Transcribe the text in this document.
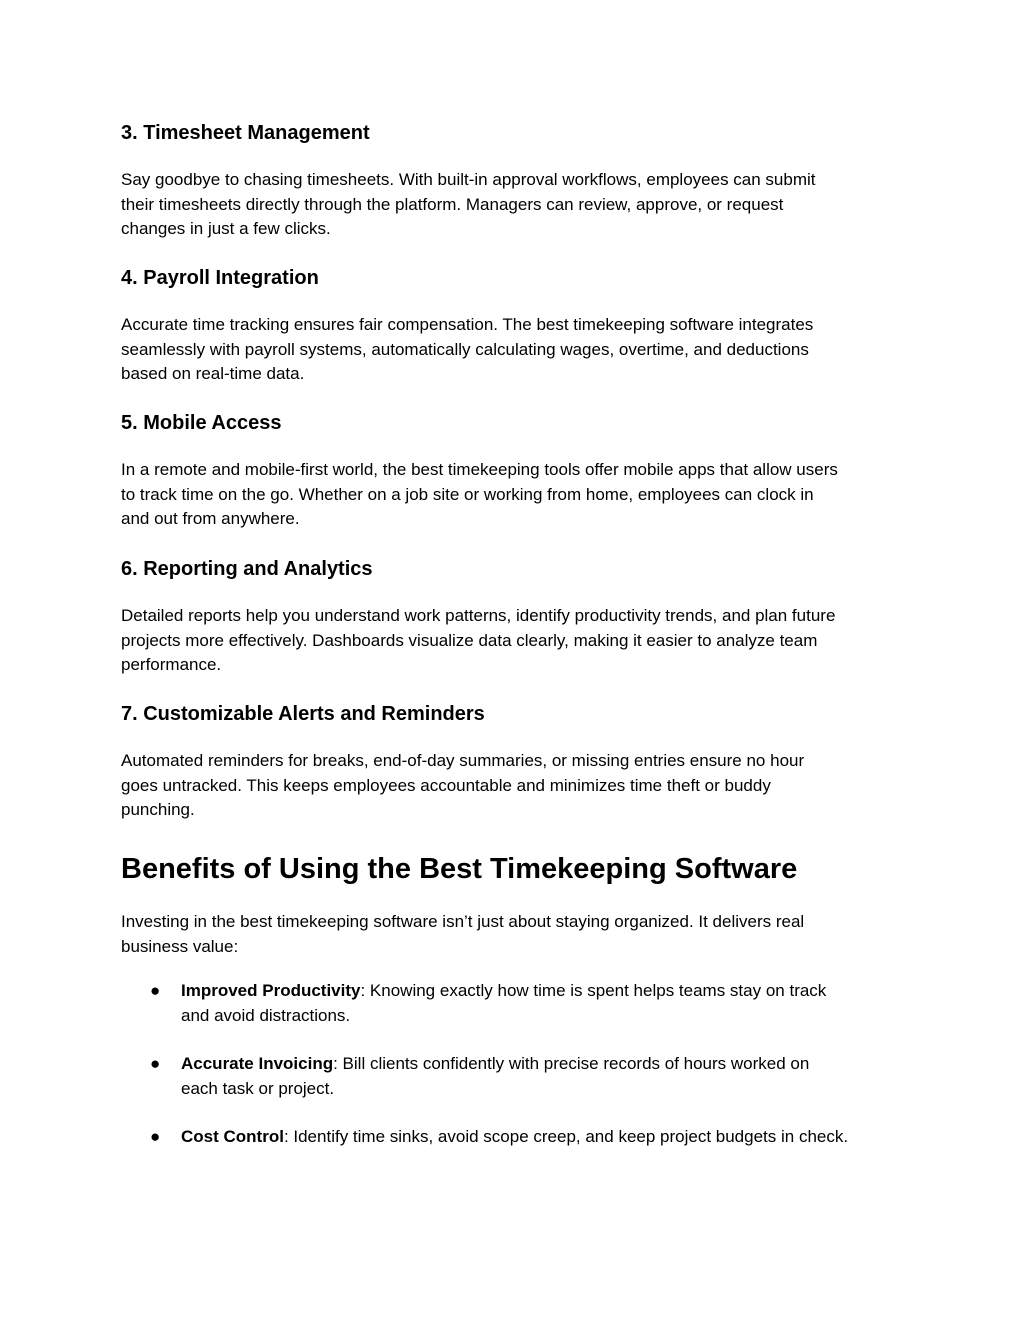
3. Timesheet Management

Say goodbye to chasing timesheets. With built-in approval workflows, employees can submit
their timesheets directly through the platform. Managers can review, approve, or request
changes in just a few clicks.

4. Payroll Integration

Accurate time tracking ensures fair compensation. The best timekeeping software integrates
seamlessly with payroll systems, automatically calculating wages, overtime, and deductions
based on real-time data.

5. Mobile Access

In a remote and mobile-first world, the best timekeeping tools offer mobile apps that allow users
to track time on the go. Whether on a job site or working from home, employees can clock in
and out from anywhere.

6. Reporting and Analytics

Detailed reports help you understand work patterns, identify productivity trends, and plan future
projects more effectively. Dashboards visualize data clearly, making it easier to analyze team
performance.

7. Customizable Alerts and Reminders

Automated reminders for breaks, end-of-day summaries, or missing entries ensure no hour
goes untracked. This keeps employees accountable and minimizes time theft or buddy
punching.

Benefits of Using the Best Timekeeping Software

Investing in the best timekeeping software isn’t just about staying organized. It delivers real
business value:

● Improved Productivity: Knowing exactly how time is spent helps teams stay on track
and avoid distractions.
● Accurate Invoicing: Bill clients confidently with precise records of hours worked on
each task or project.
● Cost Control: Identify time sinks, avoid scope creep, and keep project budgets in check.
